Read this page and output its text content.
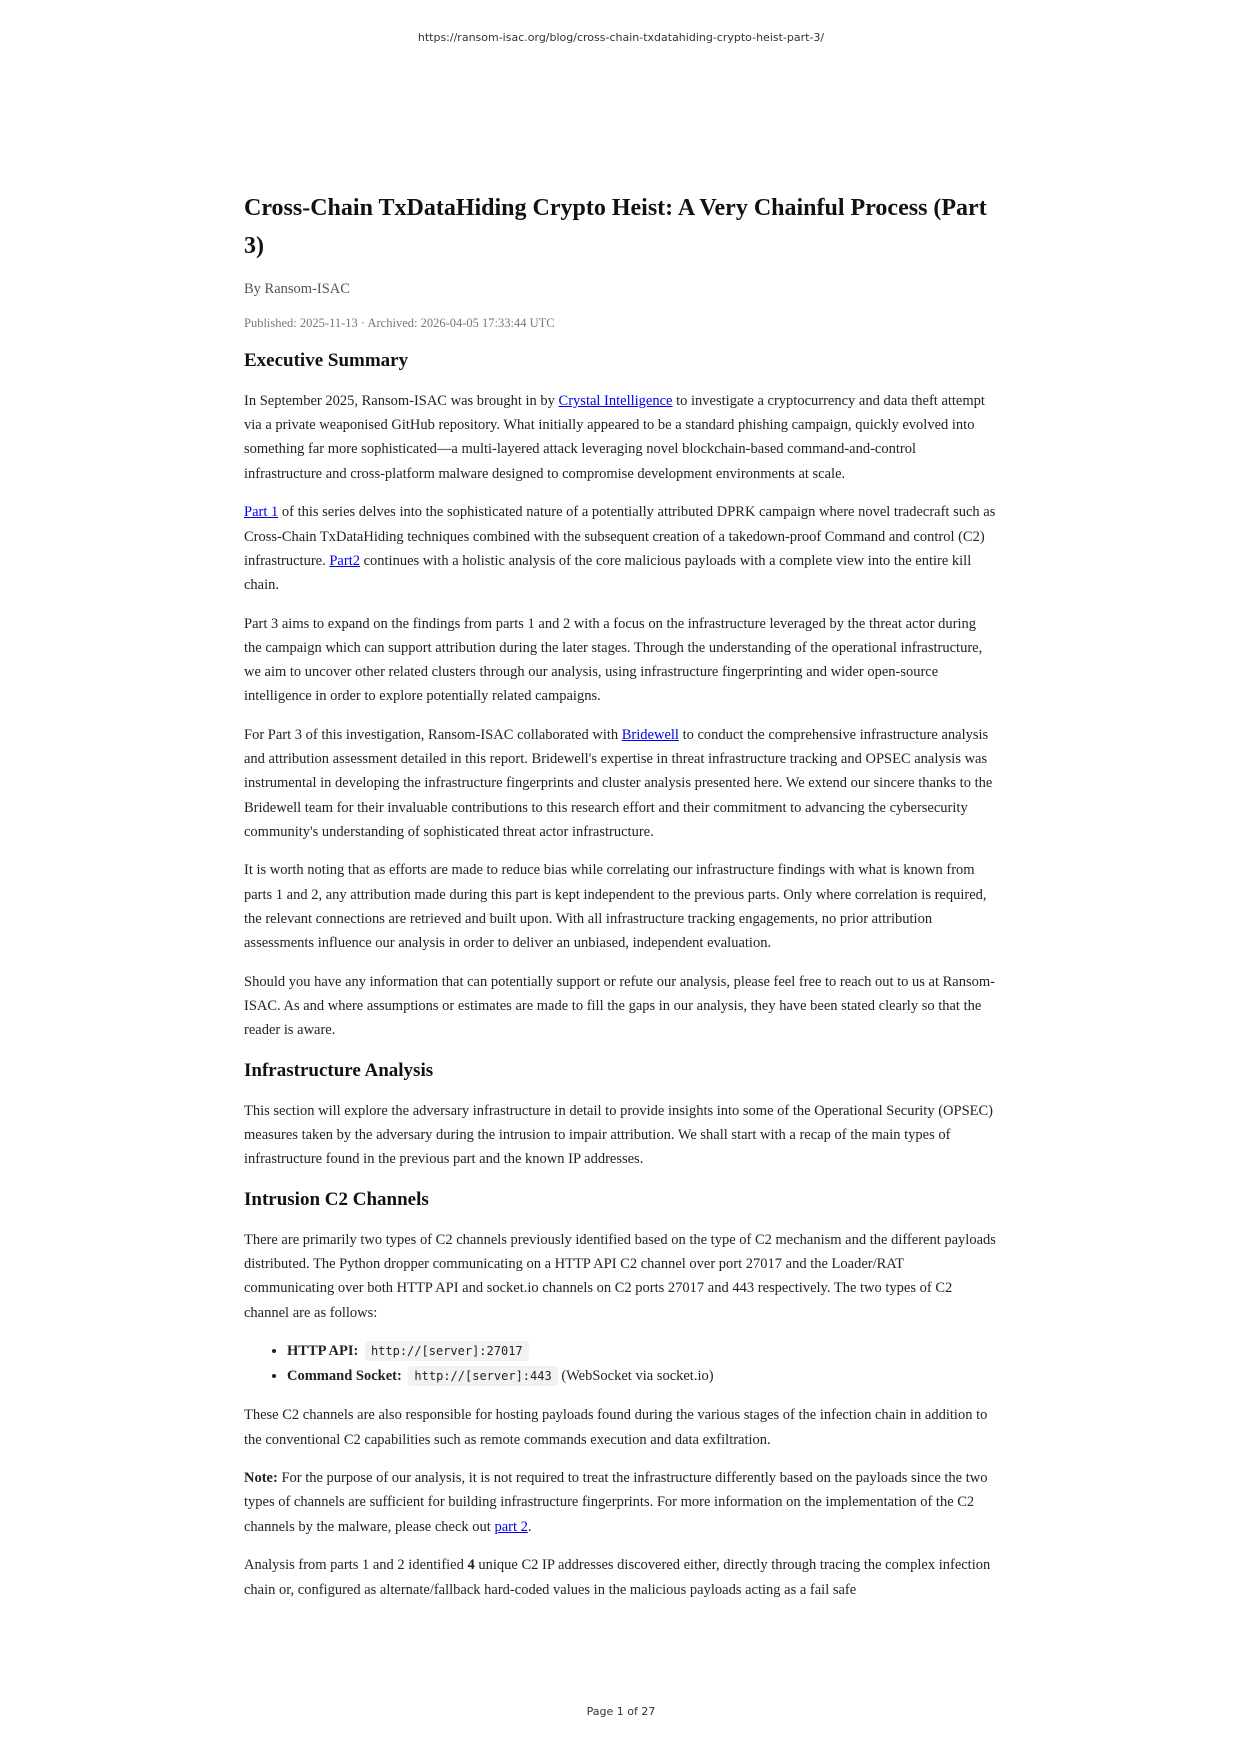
https://ransom-isac.org/blog/cross-chain-txdatahiding-crypto-heist-part-3/
Cross-Chain TxDataHiding Crypto Heist: A Very Chainful Process (Part 3)
By Ransom-ISAC
Published: 2025-11-13 · Archived: 2026-04-05 17:33:44 UTC
Executive Summary

In September 2025, Ransom-ISAC was brought in by Crystal Intelligence to investigate a cryptocurrency and data theft attempt via a private weaponised GitHub repository. What initially appeared to be a standard phishing campaign, quickly evolved into something far more sophisticated—a multi-layered attack leveraging novel blockchain-based command-and-control infrastructure and cross-platform malware designed to compromise development environments at scale.

Part 1 of this series delves into the sophisticated nature of a potentially attributed DPRK campaign where novel tradecraft such as Cross-Chain TxDataHiding techniques combined with the subsequent creation of a takedown-proof Command and control (C2) infrastructure. Part2 continues with a holistic analysis of the core malicious payloads with a complete view into the entire kill chain.

Part 3 aims to expand on the findings from parts 1 and 2 with a focus on the infrastructure leveraged by the threat actor during the campaign which can support attribution during the later stages. Through the understanding of the operational infrastructure, we aim to uncover other related clusters through our analysis, using infrastructure fingerprinting and wider open-source intelligence in order to explore potentially related campaigns.

For Part 3 of this investigation, Ransom-ISAC collaborated with Bridewell to conduct the comprehensive infrastructure analysis and attribution assessment detailed in this report. Bridewell's expertise in threat infrastructure tracking and OPSEC analysis was instrumental in developing the infrastructure fingerprints and cluster analysis presented here. We extend our sincere thanks to the Bridewell team for their invaluable contributions to this research effort and their commitment to advancing the cybersecurity community's understanding of sophisticated threat actor infrastructure.

It is worth noting that as efforts are made to reduce bias while correlating our infrastructure findings with what is known from parts 1 and 2, any attribution made during this part is kept independent to the previous parts. Only where correlation is required, the relevant connections are retrieved and built upon. With all infrastructure tracking engagements, no prior attribution assessments influence our analysis in order to deliver an unbiased, independent evaluation.

Should you have any information that can potentially support or refute our analysis, please feel free to reach out to us at Ransom-ISAC. As and where assumptions or estimates are made to fill the gaps in our analysis, they have been stated clearly so that the reader is aware.

Infrastructure Analysis

This section will explore the adversary infrastructure in detail to provide insights into some of the Operational Security (OPSEC) measures taken by the adversary during the intrusion to impair attribution. We shall start with a recap of the main types of infrastructure found in the previous part and the known IP addresses.

Intrusion C2 Channels

There are primarily two types of C2 channels previously identified based on the type of C2 mechanism and the different payloads distributed. The Python dropper communicating on a HTTP API C2 channel over port 27017 and the Loader/RAT communicating over both HTTP API and socket.io channels on C2 ports 27017 and 443 respectively. The two types of C2 channel are as follows:

• HTTP API: http://[server]:27017
• Command Socket: http://[server]:443 (WebSocket via socket.io)

These C2 channels are also responsible for hosting payloads found during the various stages of the infection chain in addition to the conventional C2 capabilities such as remote commands execution and data exfiltration.

Note: For the purpose of our analysis, it is not required to treat the infrastructure differently based on the payloads since the two types of channels are sufficient for building infrastructure fingerprints. For more information on the implementation of the C2 channels by the malware, please check out part 2.

Analysis from parts 1 and 2 identified 4 unique C2 IP addresses discovered either, directly through tracing the complex infection chain or, configured as alternate/fallback hard-coded values in the malicious payloads acting as a fail safe

Page 1 of 27
